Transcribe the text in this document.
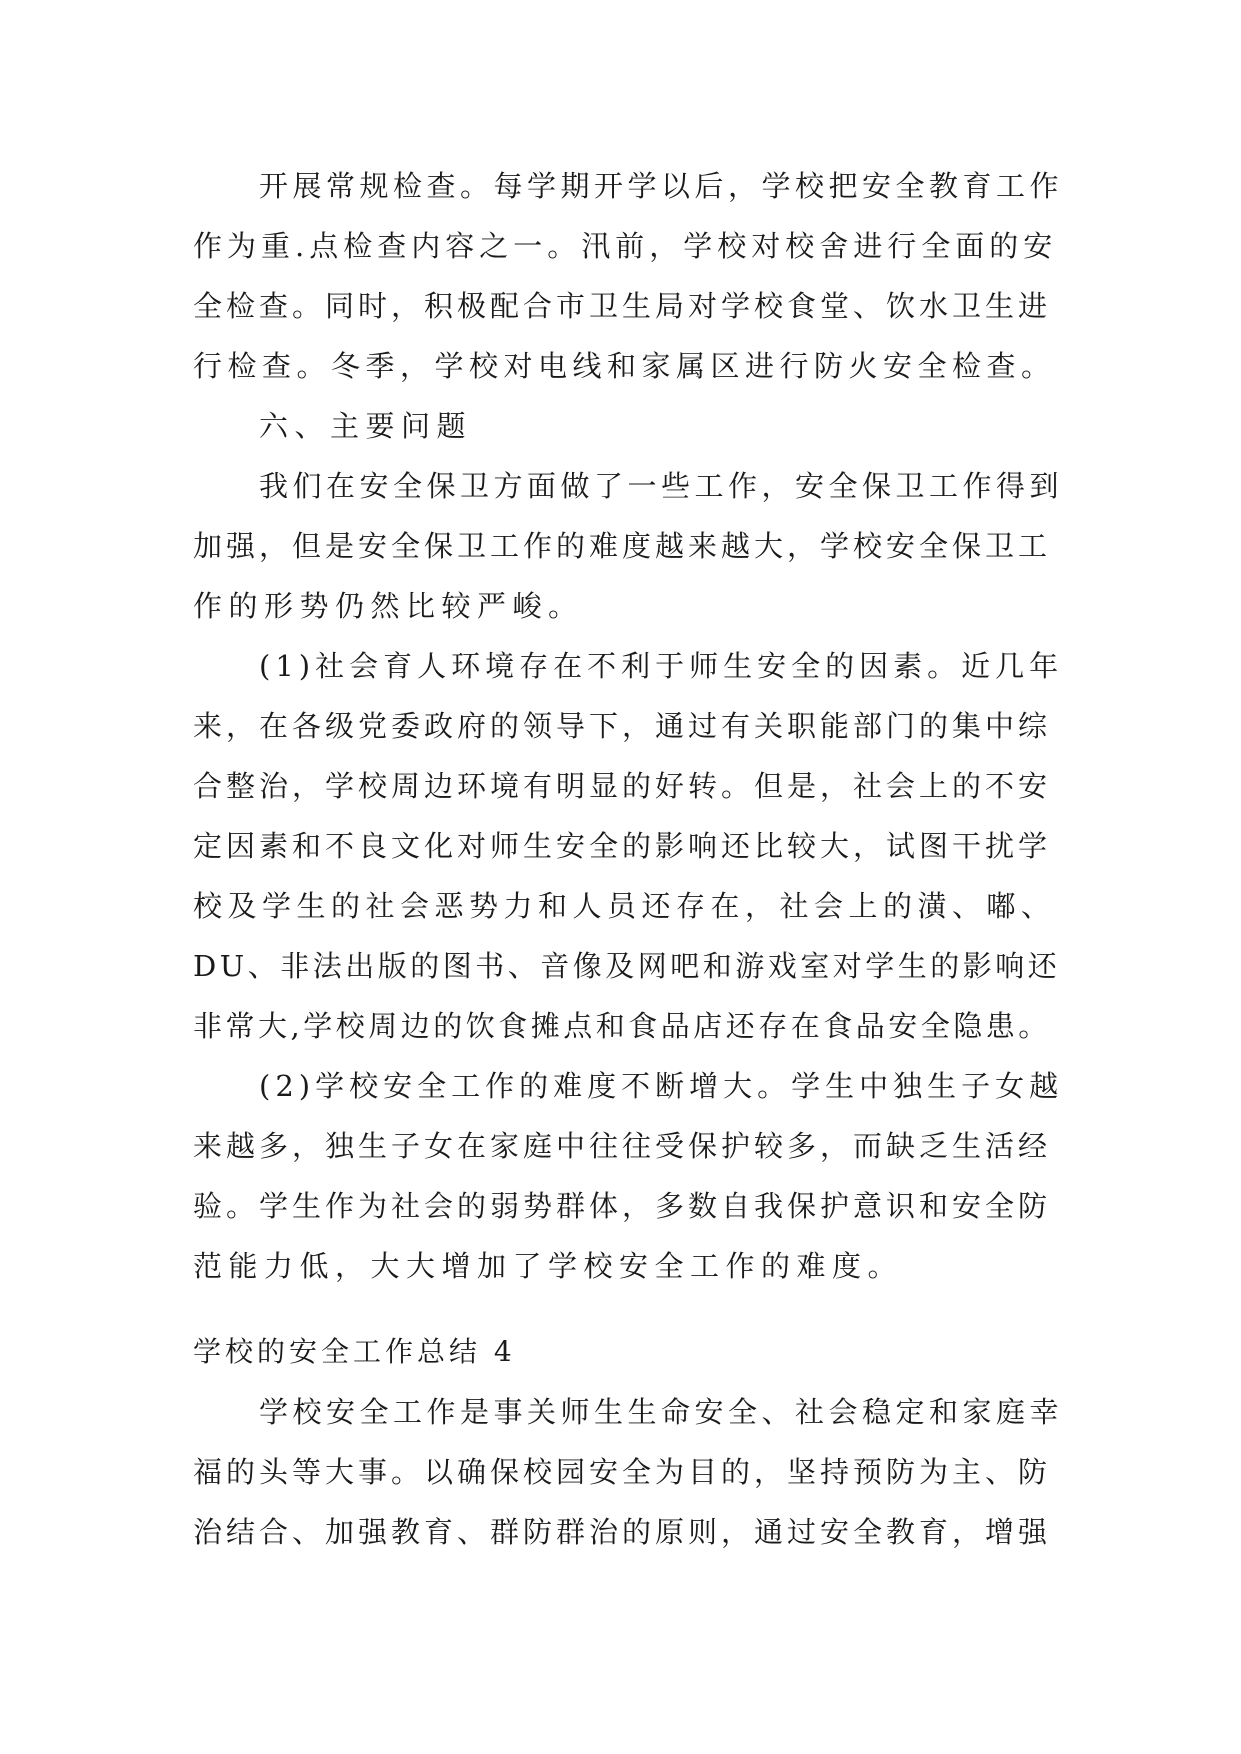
开展常规检查。每学期开学以后，学校把安全教育工作
作为重.点检查内容之一。汛前，学校对校舍进行全面的安
全检查。同时，积极配合市卫生局对学校食堂、饮水卫生进
行检查。冬季，学校对电线和家属区进行防火安全检查。
六、主要问题
我们在安全保卫方面做了一些工作，安全保卫工作得到
加强，但是安全保卫工作的难度越来越大，学校安全保卫工
作的形势仍然比较严峻。
(1)社会育人环境存在不利于师生安全的因素。近几年
来，在各级党委政府的领导下，通过有关职能部门的集中综
合整治，学校周边环境有明显的好转。但是，社会上的不安
定因素和不良文化对师生安全的影响还比较大，试图干扰学
校及学生的社会恶势力和人员还存在，社会上的潢、嘟、
DU、非法出版的图书、音像及网吧和游戏室对学生的影响还
非常大,学校周边的饮食摊点和食品店还存在食品安全隐患。
(2)学校安全工作的难度不断增大。学生中独生子女越
来越多，独生子女在家庭中往往受保护较多，而缺乏生活经
验。学生作为社会的弱势群体，多数自我保护意识和安全防
范能力低，大大增加了学校安全工作的难度。
学校的安全工作总结 4
学校安全工作是事关师生生命安全、社会稳定和家庭幸
福的头等大事。以确保校园安全为目的，坚持预防为主、防
治结合、加强教育、群防群治的原则，通过安全教育，增强
